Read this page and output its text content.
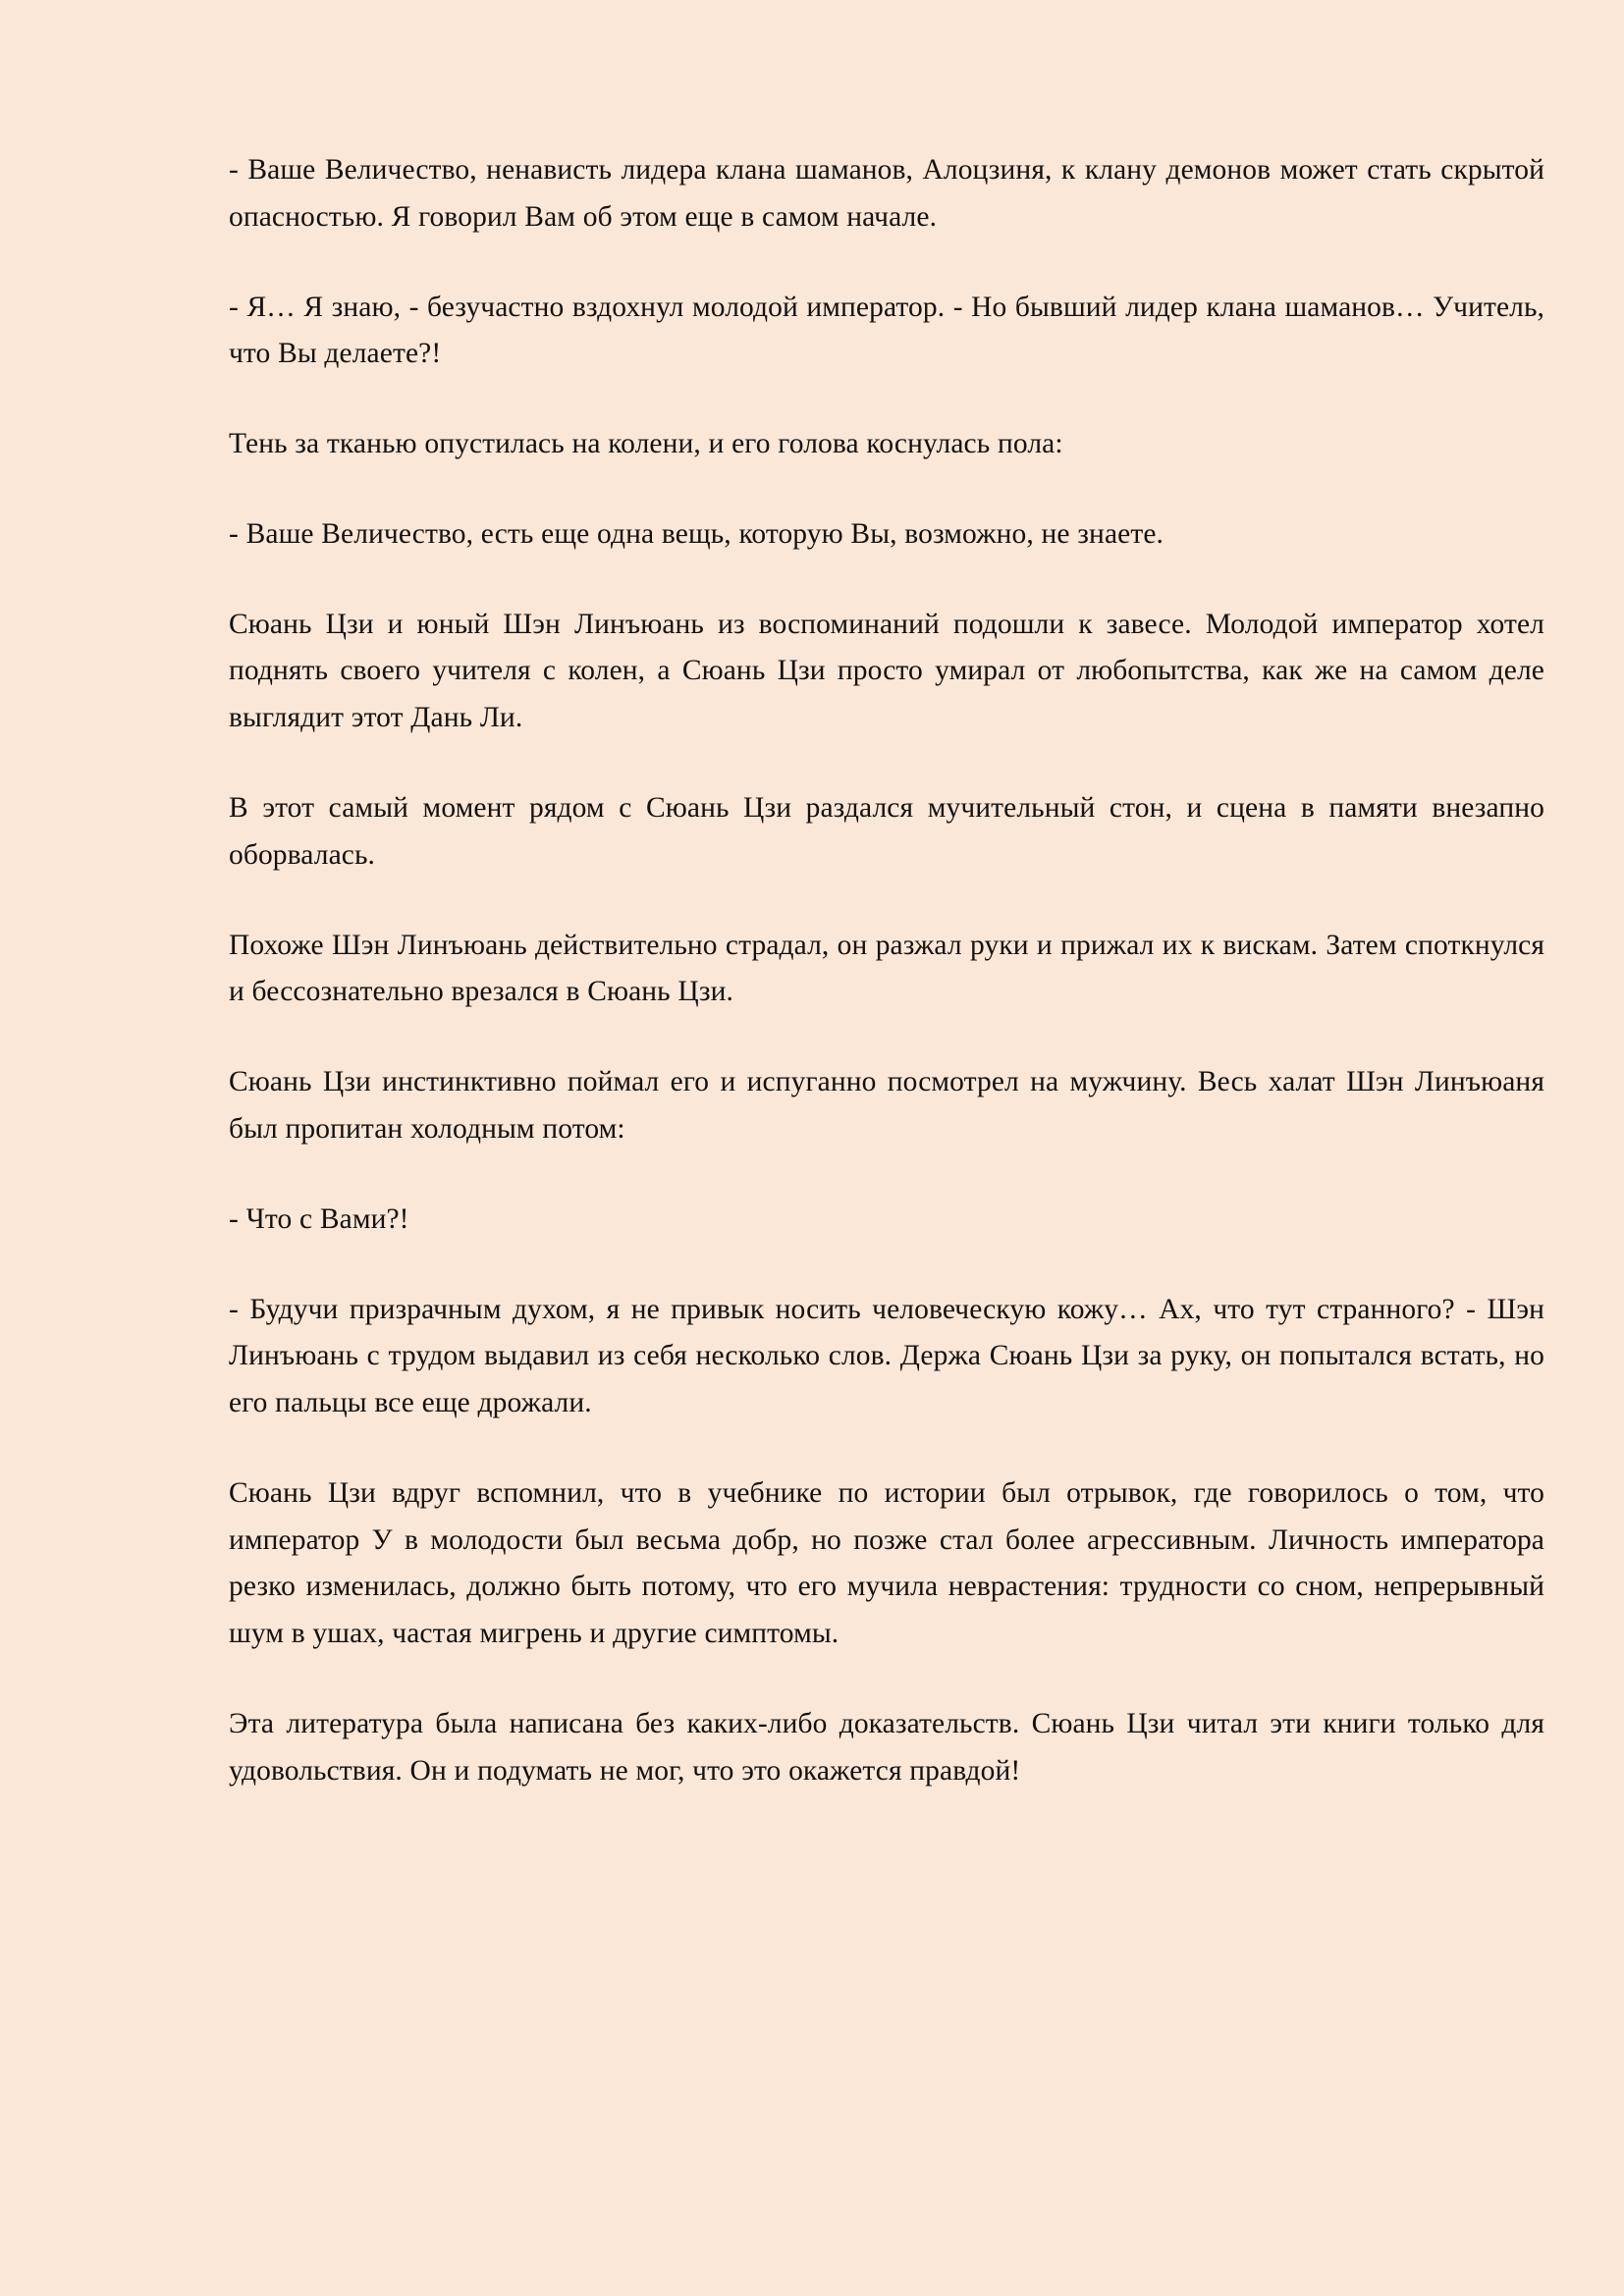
- Ваше Величество, ненависть лидера клана шаманов, Алоцзиня, к клану демонов может стать скрытой опасностью. Я говорил Вам об этом еще в самом начале.

- Я… Я знаю, - безучастно вздохнул молодой император. - Но бывший лидер клана шаманов… Учитель, что Вы делаете?!

Тень за тканью опустилась на колени, и его голова коснулась пола:

- Ваше Величество, есть еще одна вещь, которую Вы, возможно, не знаете.

Сюань Цзи и юный Шэн Линъюань из воспоминаний подошли к завесе. Молодой император хотел поднять своего учителя с колен, а Сюань Цзи просто умирал от любопытства, как же на самом деле выглядит этот Дань Ли.

В этот самый момент рядом с Сюань Цзи раздался мучительный стон, и сцена в памяти внезапно оборвалась.

Похоже Шэн Линъюань действительно страдал, он разжал руки и прижал их к вискам. Затем споткнулся и бессознательно врезался в Сюань Цзи.

Сюань Цзи инстинктивно поймал его и испуганно посмотрел на мужчину. Весь халат Шэн Линъюаня был пропитан холодным потом:

- Что с Вами?!

- Будучи призрачным духом, я не привык носить человеческую кожу… Ах, что тут странного? - Шэн Линъюань с трудом выдавил из себя несколько слов. Держа Сюань Цзи за руку, он попытался встать, но его пальцы все еще дрожали.

Сюань Цзи вдруг вспомнил, что в учебнике по истории был отрывок, где говорилось о том, что император У в молодости был весьма добр, но позже стал более агрессивным. Личность императора резко изменилась, должно быть потому, что его мучила неврастения: трудности со сном, непрерывный шум в ушах, частая мигрень и другие симптомы.

Эта литература была написана без каких-либо доказательств. Сюань Цзи читал эти книги только для удовольствия. Он и подумать не мог, что это окажется правдой!
